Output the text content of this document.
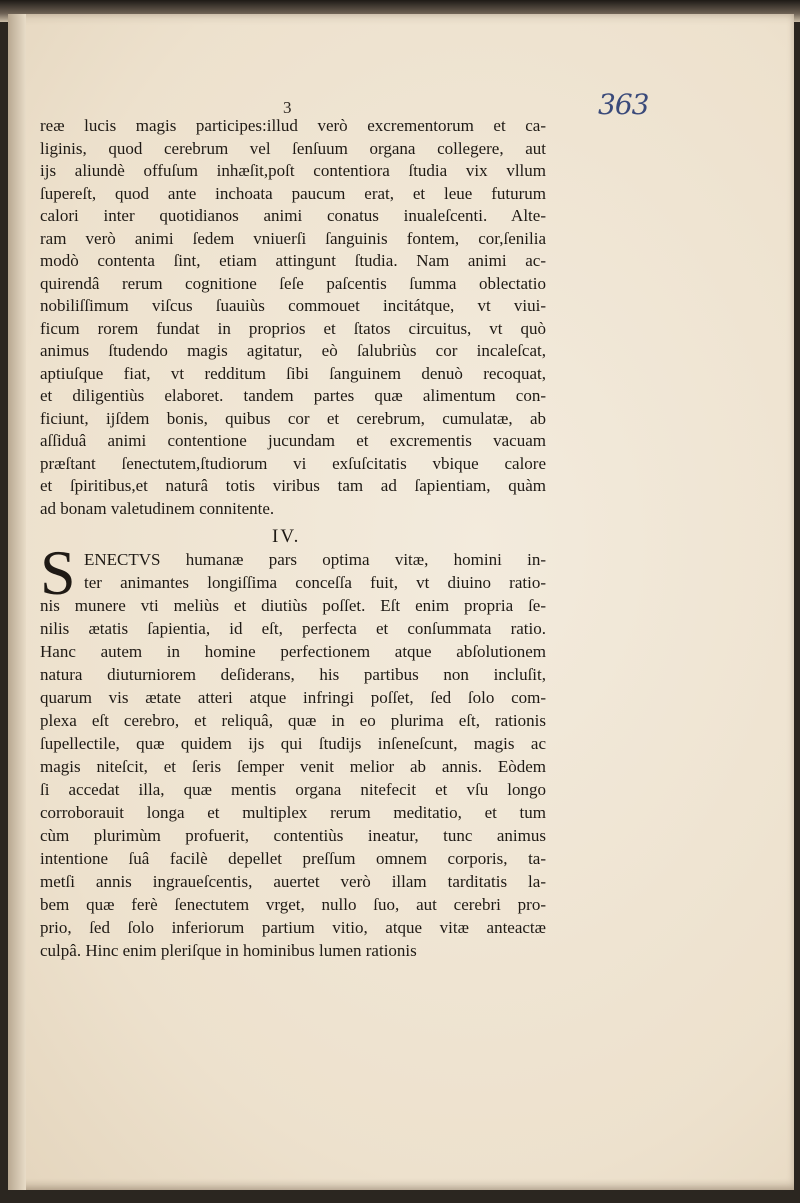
3	363
reæ lucis magis participes:illud verò excrementorum et ca-
liginis, quod cerebrum vel ſenſuum organa collegere, aut
ijs aliundè offuſum inhæſit,poſt contentiora ſtudia vix vllum
ſupereſt, quod ante inchoata paucum erat, et leue futurum
calori inter quotidianos animi conatus inualeſcenti. Alte-
ram verò animi ſedem vniuerſi ſanguinis fontem, cor,ſenilia
modò contenta ſint, etiam attingunt ſtudia. Nam animi ac-
quirendâ rerum cognitione ſeſe paſcentis ſumma oblectatio
nobiliſſimum viſcus ſuauiùs commouet incitátque, vt viui-
ficum rorem fundat in proprios et ſtatos circuitus, vt quò
animus ſtudendo magis agitatur, eò ſalubriùs cor incaleſcat,
aptiuſque fiat, vt redditum ſibi ſanguinem denuò recoquat,
et diligentiùs elaboret. tandem partes quæ alimentum con-
ficiunt, ijſdem bonis, quibus cor et cerebrum, cumulatæ, ab
aſſiduâ animi contentione jucundam et excrementis vacuam
præſtant ſenectutem,ſtudiorum vi exſuſcitatis vbique calore
et ſpiritibus,et naturâ totis viribus tam ad ſapientiam, quàm
ad bonam valetudinem connitente.
IV.
S ENECTVS humanæ pars optima vitæ, homini in-
ter animantes longiſſima conceſſa fuit, vt diuino ratio-
nis munere vti meliùs et diutiùs poſſet. Eſt enim propria ſe-
nilis ætatis ſapientia, id eſt, perfecta et conſummata ratio.
Hanc autem in homine perfectionem atque abſolutionem
natura diuturniorem deſiderans, his partibus non incluſit,
quarum vis ætate atteri atque infringi poſſet, ſed ſolo com-
plexa eſt cerebro, et reliquâ, quæ in eo plurima eſt, rationis
ſupellectile, quæ quidem ijs qui ſtudijs inſeneſcunt, magis ac
magis niteſcit, et ſeris ſemper venit melior ab annis. Eòdem
ſi accedat illa, quæ mentis organa nitefecit et vſu longo
corroborauit longa et multiplex rerum meditatio, et tum
cùm plurimùm profuerit, contentiùs ineatur, tunc animus
intentione ſuâ facilè depellet preſſum omnem corporis, ta-
metſi annis ingraueſcentis, auertet verò illam tarditatis la-
bem quæ ferè ſenectutem vrget, nullo ſuo, aut cerebri pro-
prio, ſed ſolo inferiorum partium vitio, atque vitæ anteactæ
culpâ. Hinc enim pleriſque in hominibus lumen rationis
